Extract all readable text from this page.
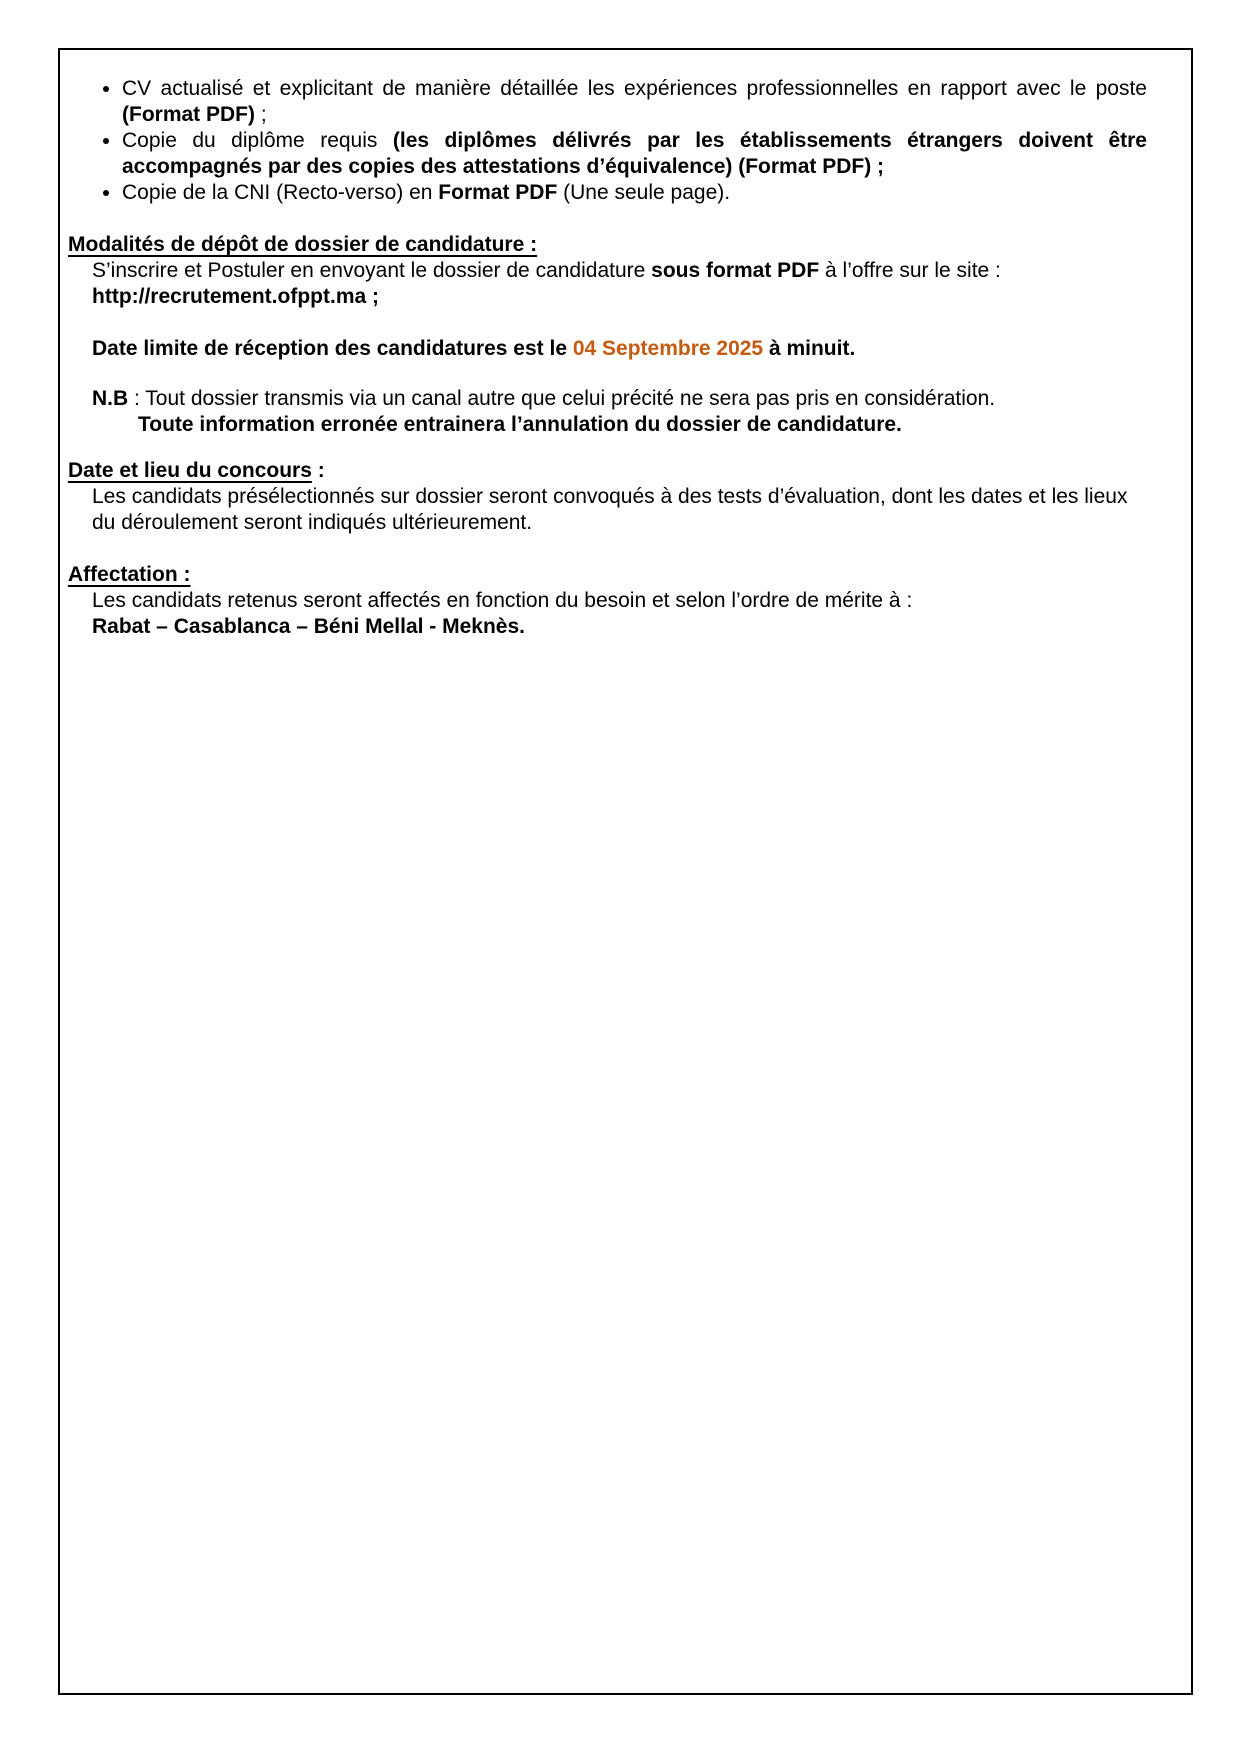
• CV actualisé et explicitant de manière détaillée les expériences professionnelles en rapport avec le poste (Format PDF) ;
• Copie du diplôme requis (les diplômes délivrés par les établissements étrangers doivent être accompagnés par des copies des attestations d’équivalence) (Format PDF) ;
• Copie de la CNI (Recto-verso) en Format PDF (Une seule page).
Modalités de dépôt de dossier de candidature :
S’inscrire et Postuler en envoyant le dossier de candidature sous format PDF à l’offre sur le site :
http://recrutement.ofppt.ma ;
Date limite de réception des candidatures est le 04 Septembre 2025 à minuit.
N.B : Tout dossier transmis via un canal autre que celui précité ne sera pas pris en considération.
Toute information erronée entrainera l’annulation du dossier de candidature.
Date et lieu du concours :
Les candidats présélectionnés sur dossier seront convoqués à des tests d’évaluation, dont les dates et les lieux du déroulement seront indiqués ultérieurement.
Affectation :
Les candidats retenus seront affectés en fonction du besoin et selon l’ordre de mérite à :
Rabat – Casablanca – Béni Mellal - Meknès.
